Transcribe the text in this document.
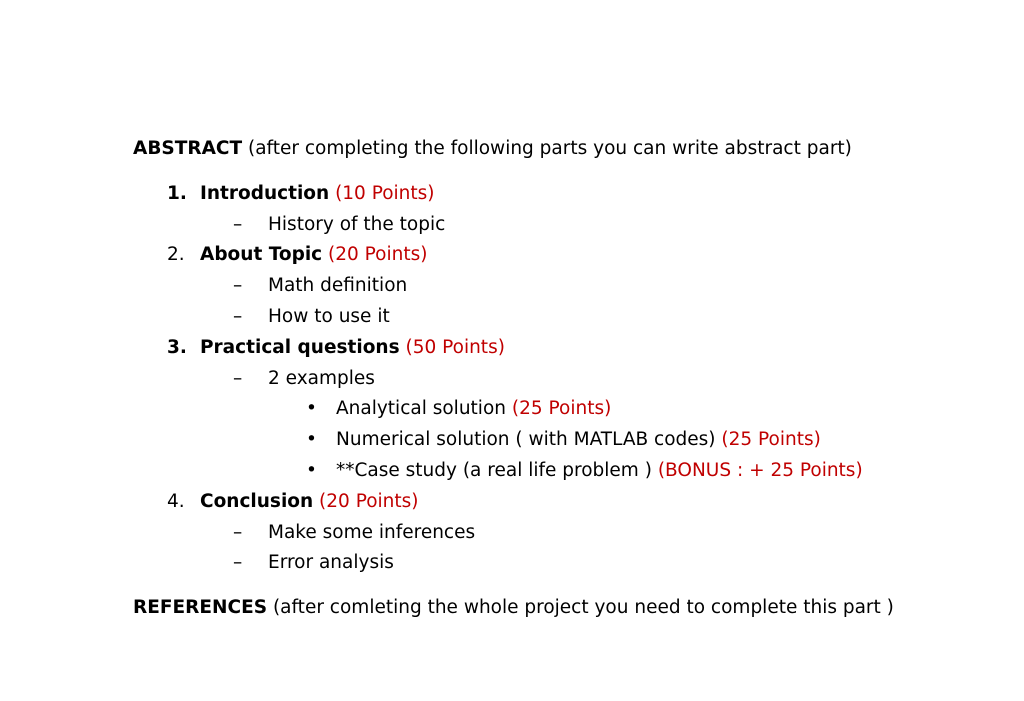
ABSTRACT (after completing the following parts you can write abstract part)
1. Introduction (10 Points)
– History of the topic
2. About Topic (20 Points)
– Math definition
– How to use it
3. Practical questions (50 Points)
– 2 examples
• Analytical solution (25 Points)
• Numerical solution ( with MATLAB codes) (25 Points)
• **Case study (a real life problem ) (BONUS : + 25 Points)
4. Conclusion (20 Points)
– Make some inferences
– Error analysis
REFERENCES (after comleting the whole project you need to complete this part )
